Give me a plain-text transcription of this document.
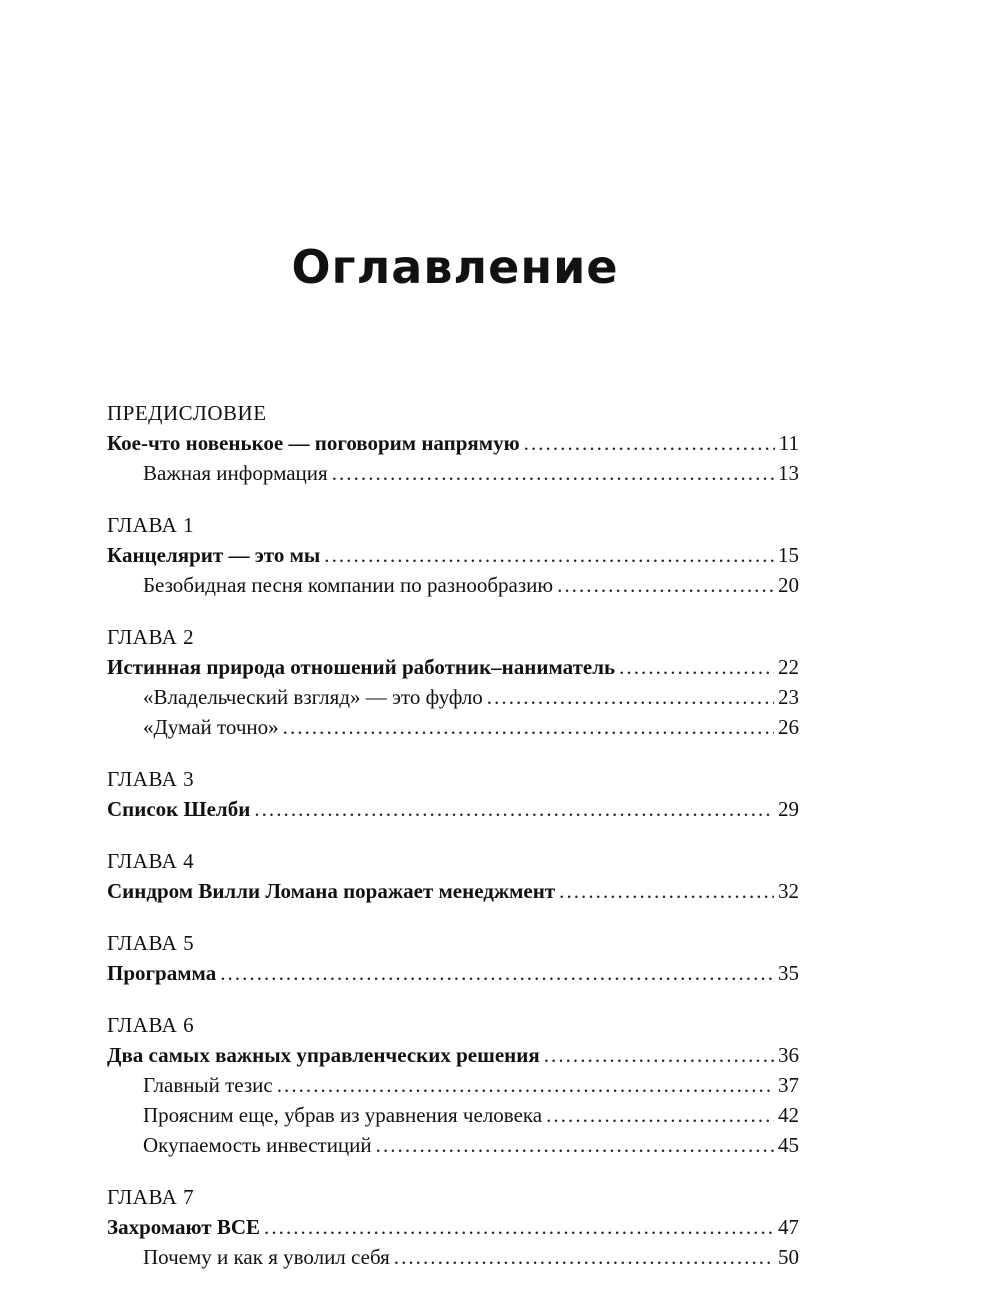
Оглавление
ПРЕДИСЛОВИЕ
Кое-что новенькое — поговорим напрямую . . .	11
Важная информация . . .	13
ГЛАВА 1
Канцелярит — это мы . . .	15
Безобидная песня компании по разнообразию . . .	20
ГЛАВА 2
Истинная природа отношений работник–наниматель . . .	22
«Владельческий взгляд» — это фуфло . . .	23
«Думай точно» . . .	26
ГЛАВА 3
Список Шелби . . .	29
ГЛАВА 4
Синдром Вилли Ломана поражает менеджмент . . .	32
ГЛАВА 5
Программа . . .	35
ГЛАВА 6
Два самых важных управленческих решения . . .	36
Главный тезис . . .	37
Проясним еще, убрав из уравнения человека . . .	42
Окупаемость инвестиций . . .	45
ГЛАВА 7
Захромают ВСЕ . . .	47
Почему и как я уволил себя . . .	50
